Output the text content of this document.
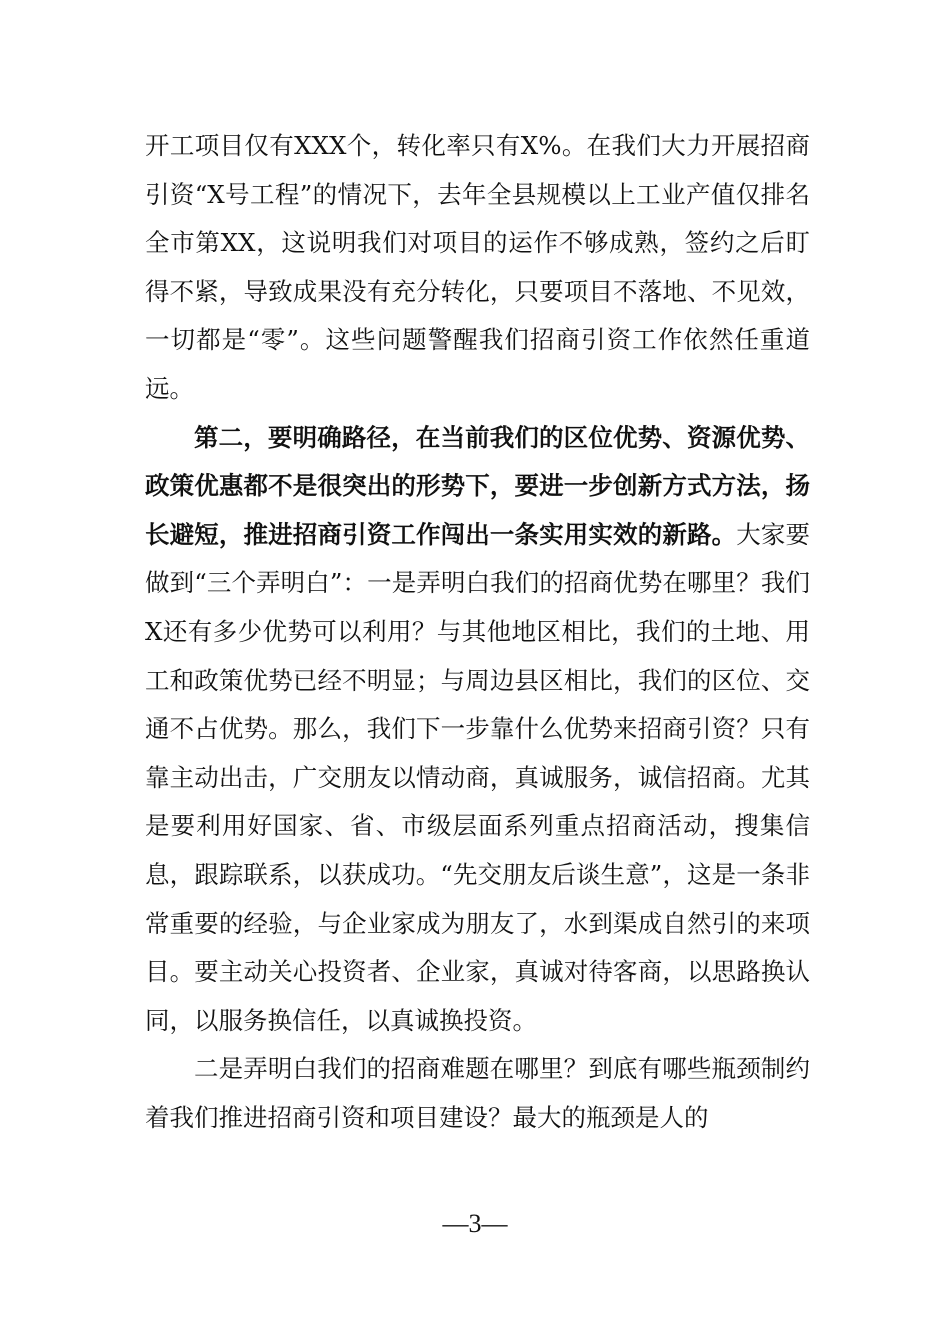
开工项目仅有XXX个，转化率只有X%。在我们大力开展招商引资“X号工程”的情况下，去年全县规模以上工业产值仅排名全市第XX，这说明我们对项目的运作不够成熟，签约之后盯得不紧，导致成果没有充分转化，只要项目不落地、不见效，一切都是“零”。这些问题警醒我们招商引资工作依然任重道远。

第二，要明确路径，在当前我们的区位优势、资源优势、政策优惠都不是很突出的形势下，要进一步创新方式方法，扬长避短，推进招商引资工作闯出一条实用实效的新路。大家要做到“三个弄明白”：一是弄明白我们的招商优势在哪里？我们X还有多少优势可以利用？与其他地区相比，我们的土地、用工和政策优势已经不明显；与周边县区相比，我们的区位、交通不占优势。那么，我们下一步靠什么优势来招商引资？只有靠主动出击，广交朋友以情动商，真诚服务，诚信招商。尤其是要利用好国家、省、市级层面系列重点招商活动，搜集信息，跟踪联系，以获成功。“先交朋友后谈生意”，这是一条非常重要的经验，与企业家成为朋友了，水到渠成自然引的来项目。要主动关心投资者、企业家，真诚对待客商，以思路换认同，以服务换信任，以真诚换投资。

二是弄明白我们的招商难题在哪里？到底有哪些瓶颈制约着我们推进招商引资和项目建设？最大的瓶颈是人的

—3—
